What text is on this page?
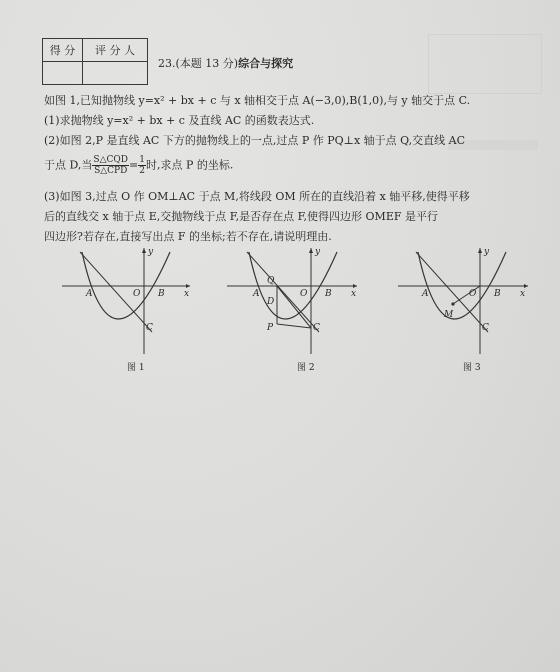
得 分	评 分 人

23.(本题 13 分)综合与探究
如图 1,已知抛物线 y=x² + bx + c 与 x 轴相交于点 A(−3,0),B(1,0),与 y 轴交于点 C.
(1)求抛物线 y=x² + bx + c 及直线 AC 的函数表达式.
(2)如图 2,P 是直线 AC 下方的抛物线上的一点,过点 P 作 PQ⊥x 轴于点 Q,交直线 AC
于点 D,当 $\frac{\text{S△CQD}}{\text{S△CPD}} = \frac{1}{2}$ 时,求点 P 的坐标.
(3)如图 3,过点 O 作 OM⊥AC 于点 M,将线段 OM 所在的直线沿着 x 轴平移,使得平移
后的直线交 x 轴于点 E,交抛物线于点 F,是否存在点 F,使得四边形 OMEF 是平行
四边形?若存在,直接写出点 F 的坐标;若不存在,请说明理由.
A	O B
C
x
y
图 1
A
Q
D
P
O B
C
x
y
图 2
A
M
O B
C
x
y
图 3
